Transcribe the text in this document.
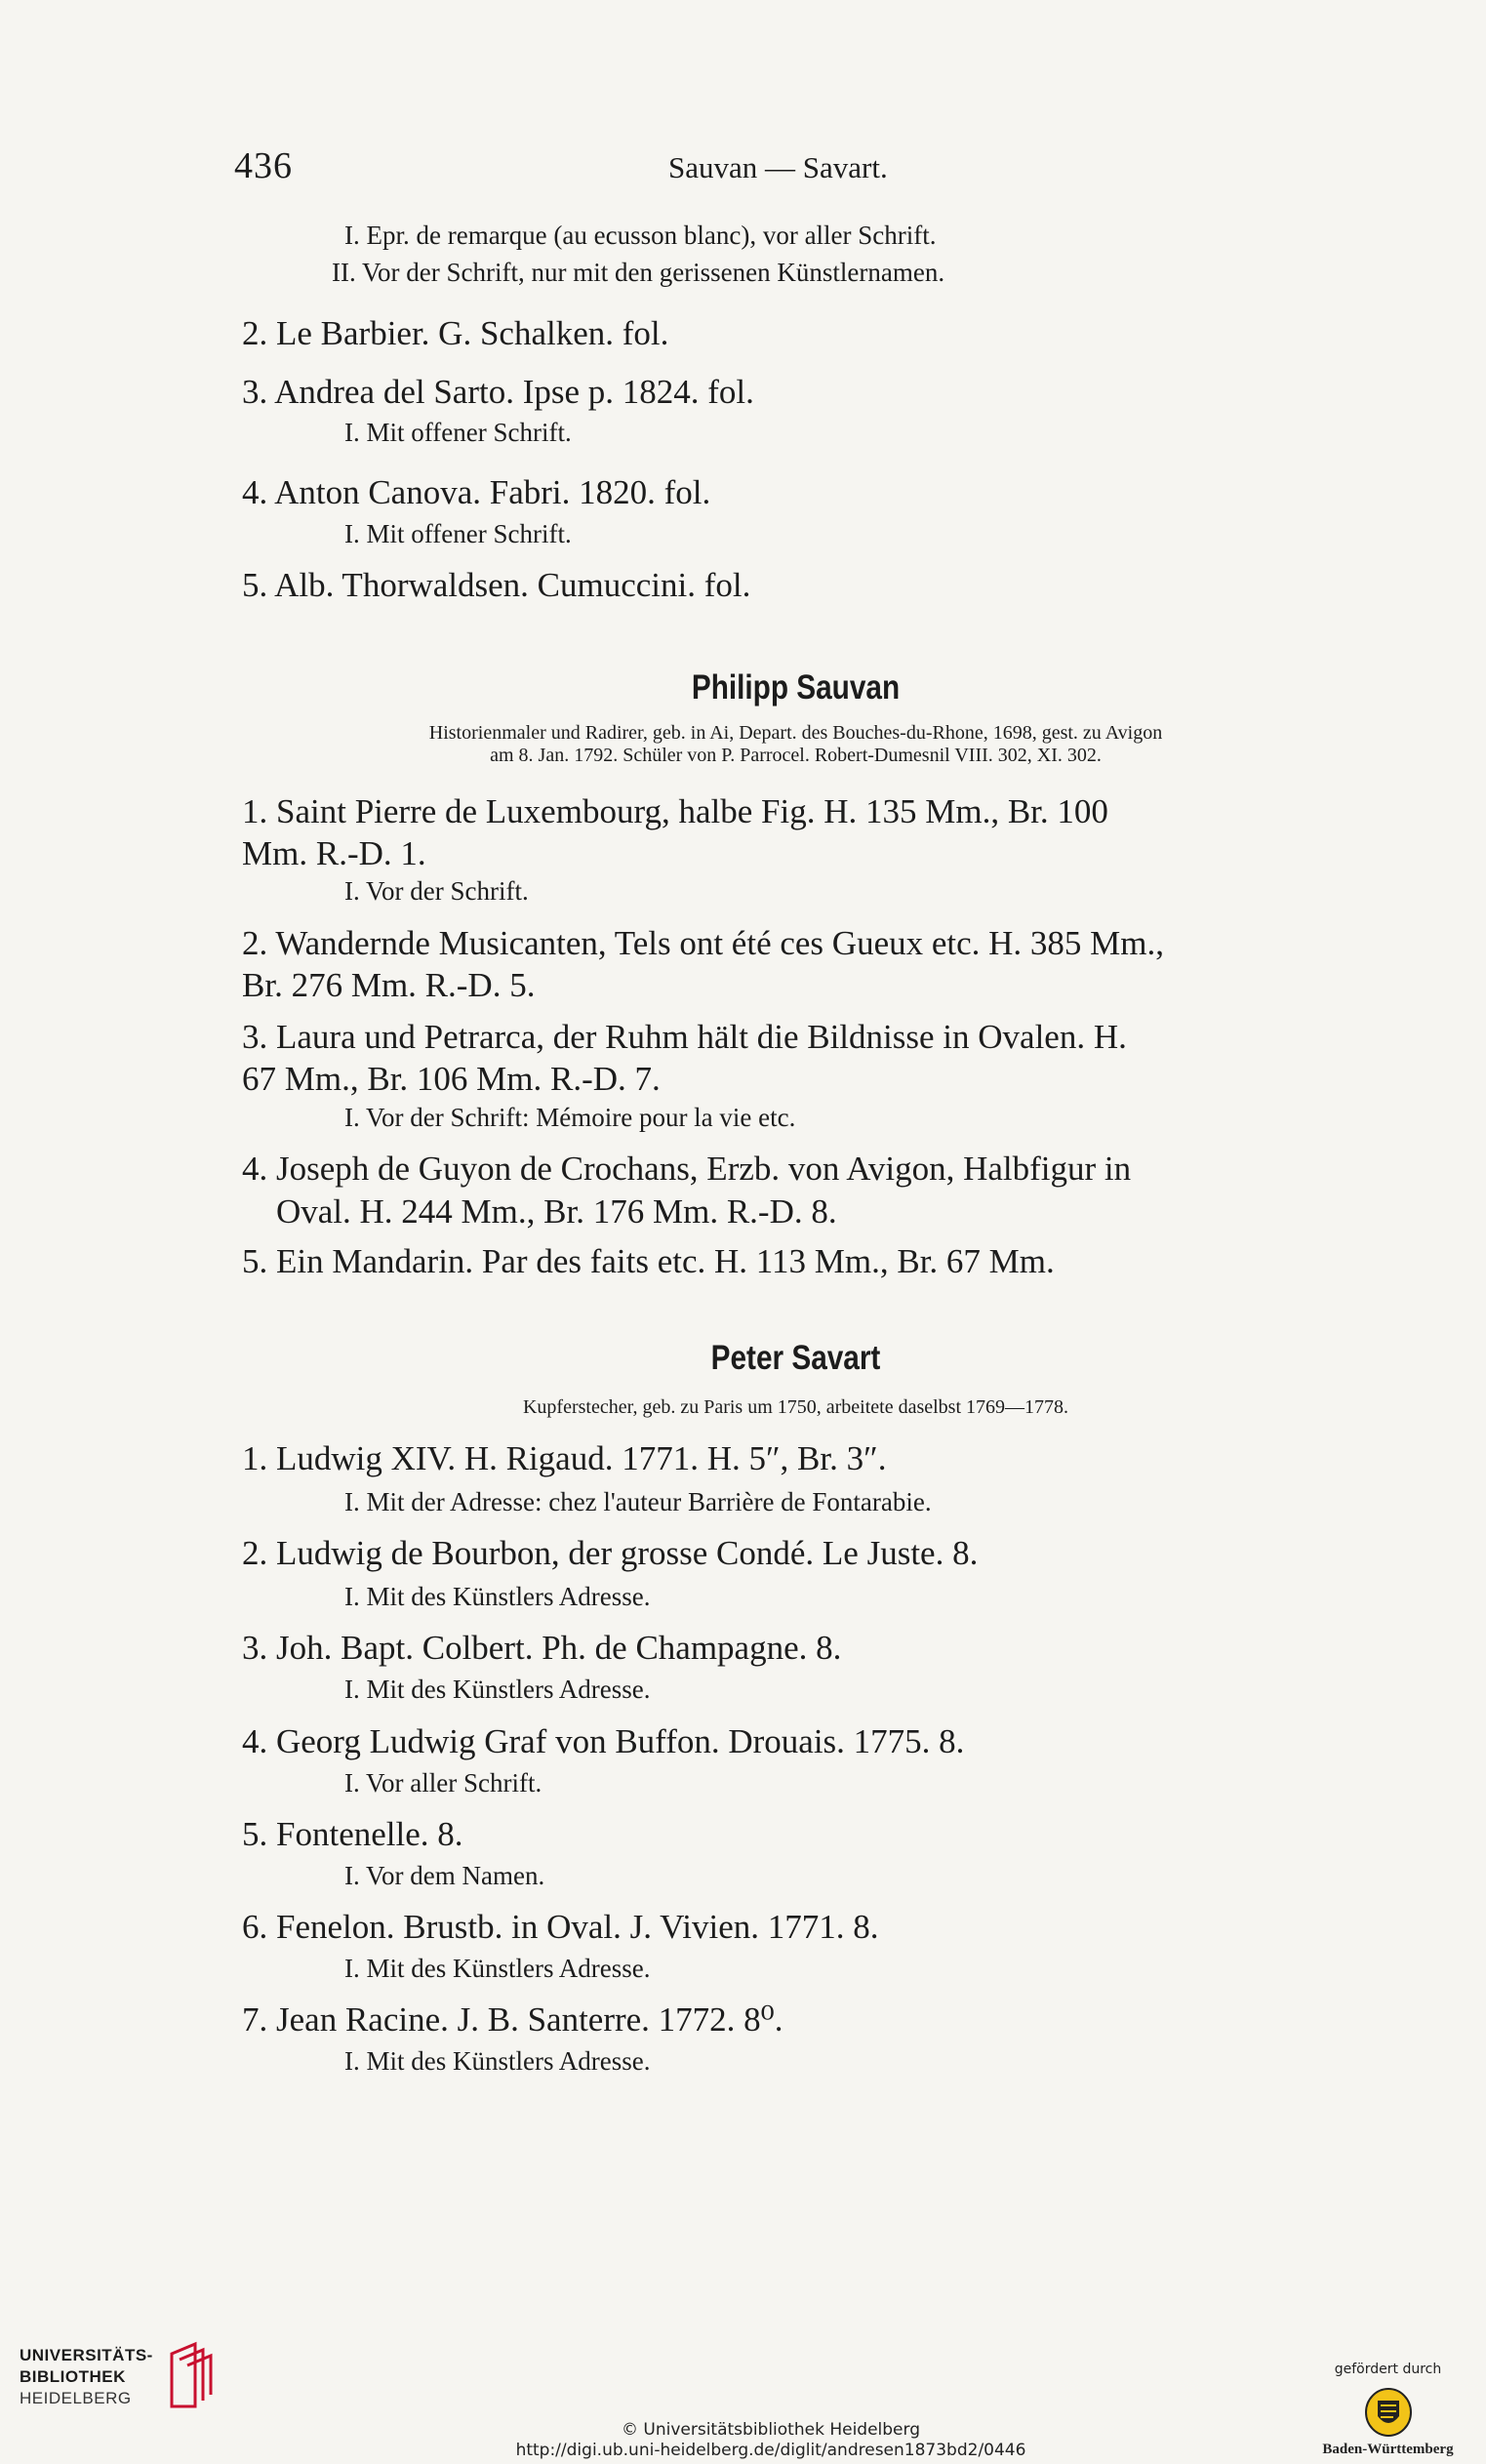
436	Sauvan — Savart.
I. Epr. de remarque (au ecusson blanc), vor aller Schrift.
II. Vor der Schrift, nur mit den gerissenen Künstlernamen.
2. Le Barbier. G. Schalken. fol.
3. Andrea del Sarto. Ipse p. 1824. fol.
I. Mit offener Schrift.
4. Anton Canova. Fabri. 1820. fol.
I. Mit offener Schrift.
5. Alb. Thorwaldsen. Cumuccini. fol.
Philipp Sauvan
Historienmaler und Radirer, geb. in Ai, Depart. des Bouches-du-Rhone, 1698, gest. zu Avigon
am 8. Jan. 1792. Schüler von P. Parrocel. Robert-Dumesnil VIII. 302, XI. 302.
1. Saint Pierre de Luxembourg, halbe Fig. H. 135 Mm., Br. 100
Mm. R.-D. 1.
I. Vor der Schrift.
2. Wandernde Musicanten, Tels ont été ces Gueux etc. H. 385 Mm.,
Br. 276 Mm. R.-D. 5.
3. Laura und Petrarca, der Ruhm hält die Bildnisse in Ovalen. H.
67 Mm., Br. 106 Mm. R.-D. 7.
I. Vor der Schrift: Mémoire pour la vie etc.
4. Joseph de Guyon de Crochans, Erzb. von Avigon, Halbfigur in
Oval. H. 244 Mm., Br. 176 Mm. R.-D. 8.
5. Ein Mandarin. Par des faits etc. H. 113 Mm., Br. 67 Mm.
Peter Savart
Kupferstecher, geb. zu Paris um 1750, arbeitete daselbst 1769—1778.
1. Ludwig XIV. H. Rigaud. 1771. H. 5″, Br. 3″.
I. Mit der Adresse: chez l'auteur Barrière de Fontarabie.
2. Ludwig de Bourbon, der grosse Condé. Le Juste. 8.
I. Mit des Künstlers Adresse.
3. Joh. Bapt. Colbert. Ph. de Champagne. 8.
I. Mit des Künstlers Adresse.
4. Georg Ludwig Graf von Buffon. Drouais. 1775. 8.
I. Vor aller Schrift.
5. Fontenelle. 8.
I. Vor dem Namen.
6. Fenelon. Brustb. in Oval. J. Vivien. 1771. 8.
I. Mit des Künstlers Adresse.
7. Jean Racine. J. B. Santerre. 1772. 8⁰.
I. Mit des Künstlers Adresse.
UNIVERSITÄTS-
BIBLIOTHEK
HEIDELBERG
© Universitätsbibliothek Heidelberg
http://digi.ub.uni-heidelberg.de/diglit/andresen1873bd2/0446
gefördert durch
Baden-Württemberg
